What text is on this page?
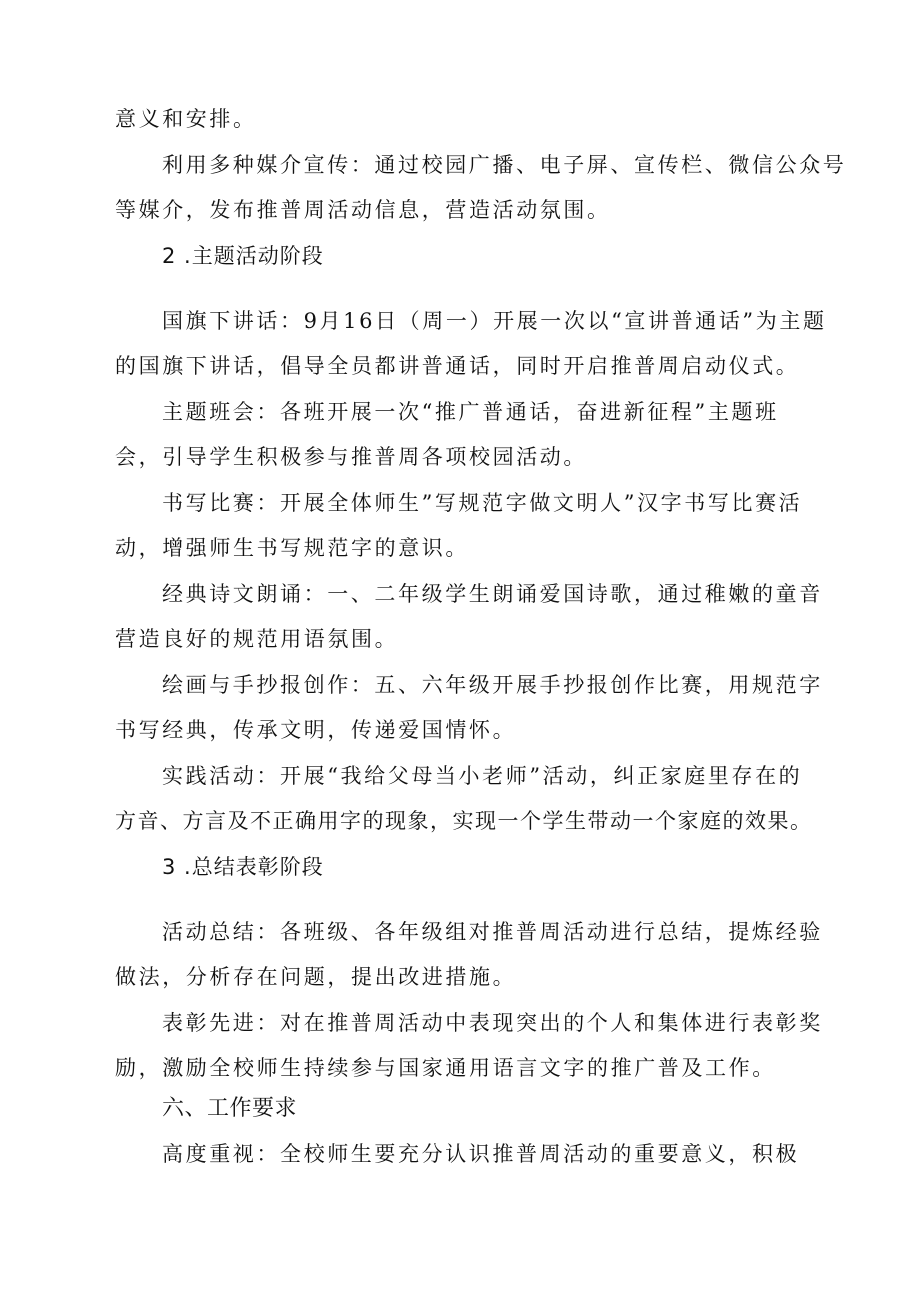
意义和安排。
利用多种媒介宣传：通过校园广播、电子屏、宣传栏、微信公众号
等媒介，发布推普周活动信息，营造活动氛围。
2 .主题活动阶段
国旗下讲话：9月16日（周一）开展一次以“宣讲普通话”为主题
的国旗下讲话，倡导全员都讲普通话，同时开启推普周启动仪式。
主题班会：各班开展一次“推广普通话，奋进新征程”主题班
会，引导学生积极参与推普周各项校园活动。
书写比赛：开展全体师生”写规范字做文明人”汉字书写比赛活
动，增强师生书写规范字的意识。
经典诗文朗诵：一、二年级学生朗诵爱国诗歌，通过稚嫩的童音
营造良好的规范用语氛围。
绘画与手抄报创作：五、六年级开展手抄报创作比赛，用规范字
书写经典，传承文明，传递爱国情怀。
实践活动：开展“我给父母当小老师”活动，纠正家庭里存在的
方音、方言及不正确用字的现象，实现一个学生带动一个家庭的效果。
3 .总结表彰阶段
活动总结：各班级、各年级组对推普周活动进行总结，提炼经验
做法，分析存在问题，提出改进措施。
表彰先进：对在推普周活动中表现突出的个人和集体进行表彰奖
励，激励全校师生持续参与国家通用语言文字的推广普及工作。
六、工作要求
高度重视：全校师生要充分认识推普周活动的重要意义，积极
